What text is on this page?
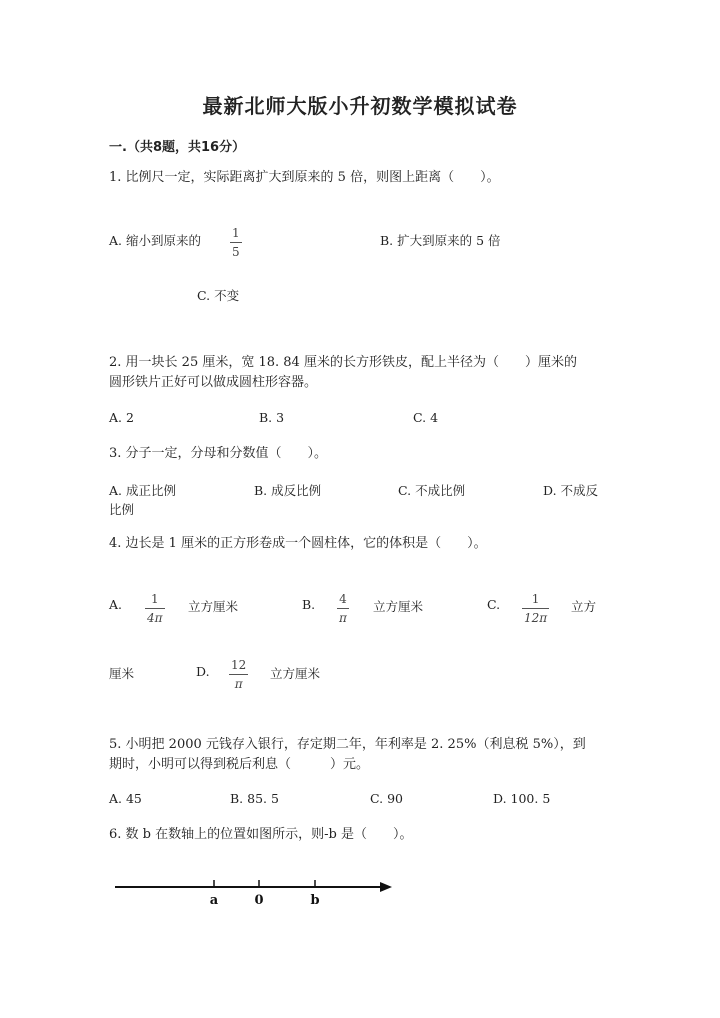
最新北师大版小升初数学模拟试卷
一.（共8题，共16分）
1. 比例尺一定，实际距离扩大到原来的 5 倍，则图上距离（　　）。
A. 缩小到原来的	1
5
B. 扩大到原来的 5 倍
C. 不变
2. 用一块长 25 厘米，宽 18. 84 厘米的长方形铁皮，配上半径为（　　）厘米的
圆形铁片正好可以做成圆柱形容器。
A. 2	B. 3	C. 4
3. 分子一定，分母和分数值（　　）。
A. 成正比例	B. 成反比例	C. 不成比例	D. 不成反
比例
4. 边长是 1 厘米的正方形卷成一个圆柱体，它的体积是（　　）。
A. 1
4π
立方厘米	B. 4
π
立方厘米	C.	1
12π
立方
厘米	D. 12
π
立方厘米
5. 小明把 2000 元钱存入银行，存定期二年，年利率是 2. 25%（利息税 5%），到
期时，小明可以得到税后利息（　　　）元。
A. 45	B. 85. 5	C. 90	D. 100. 5
6. 数 b 在数轴上的位置如图所示，则-b 是（　　）。
a	0	b
